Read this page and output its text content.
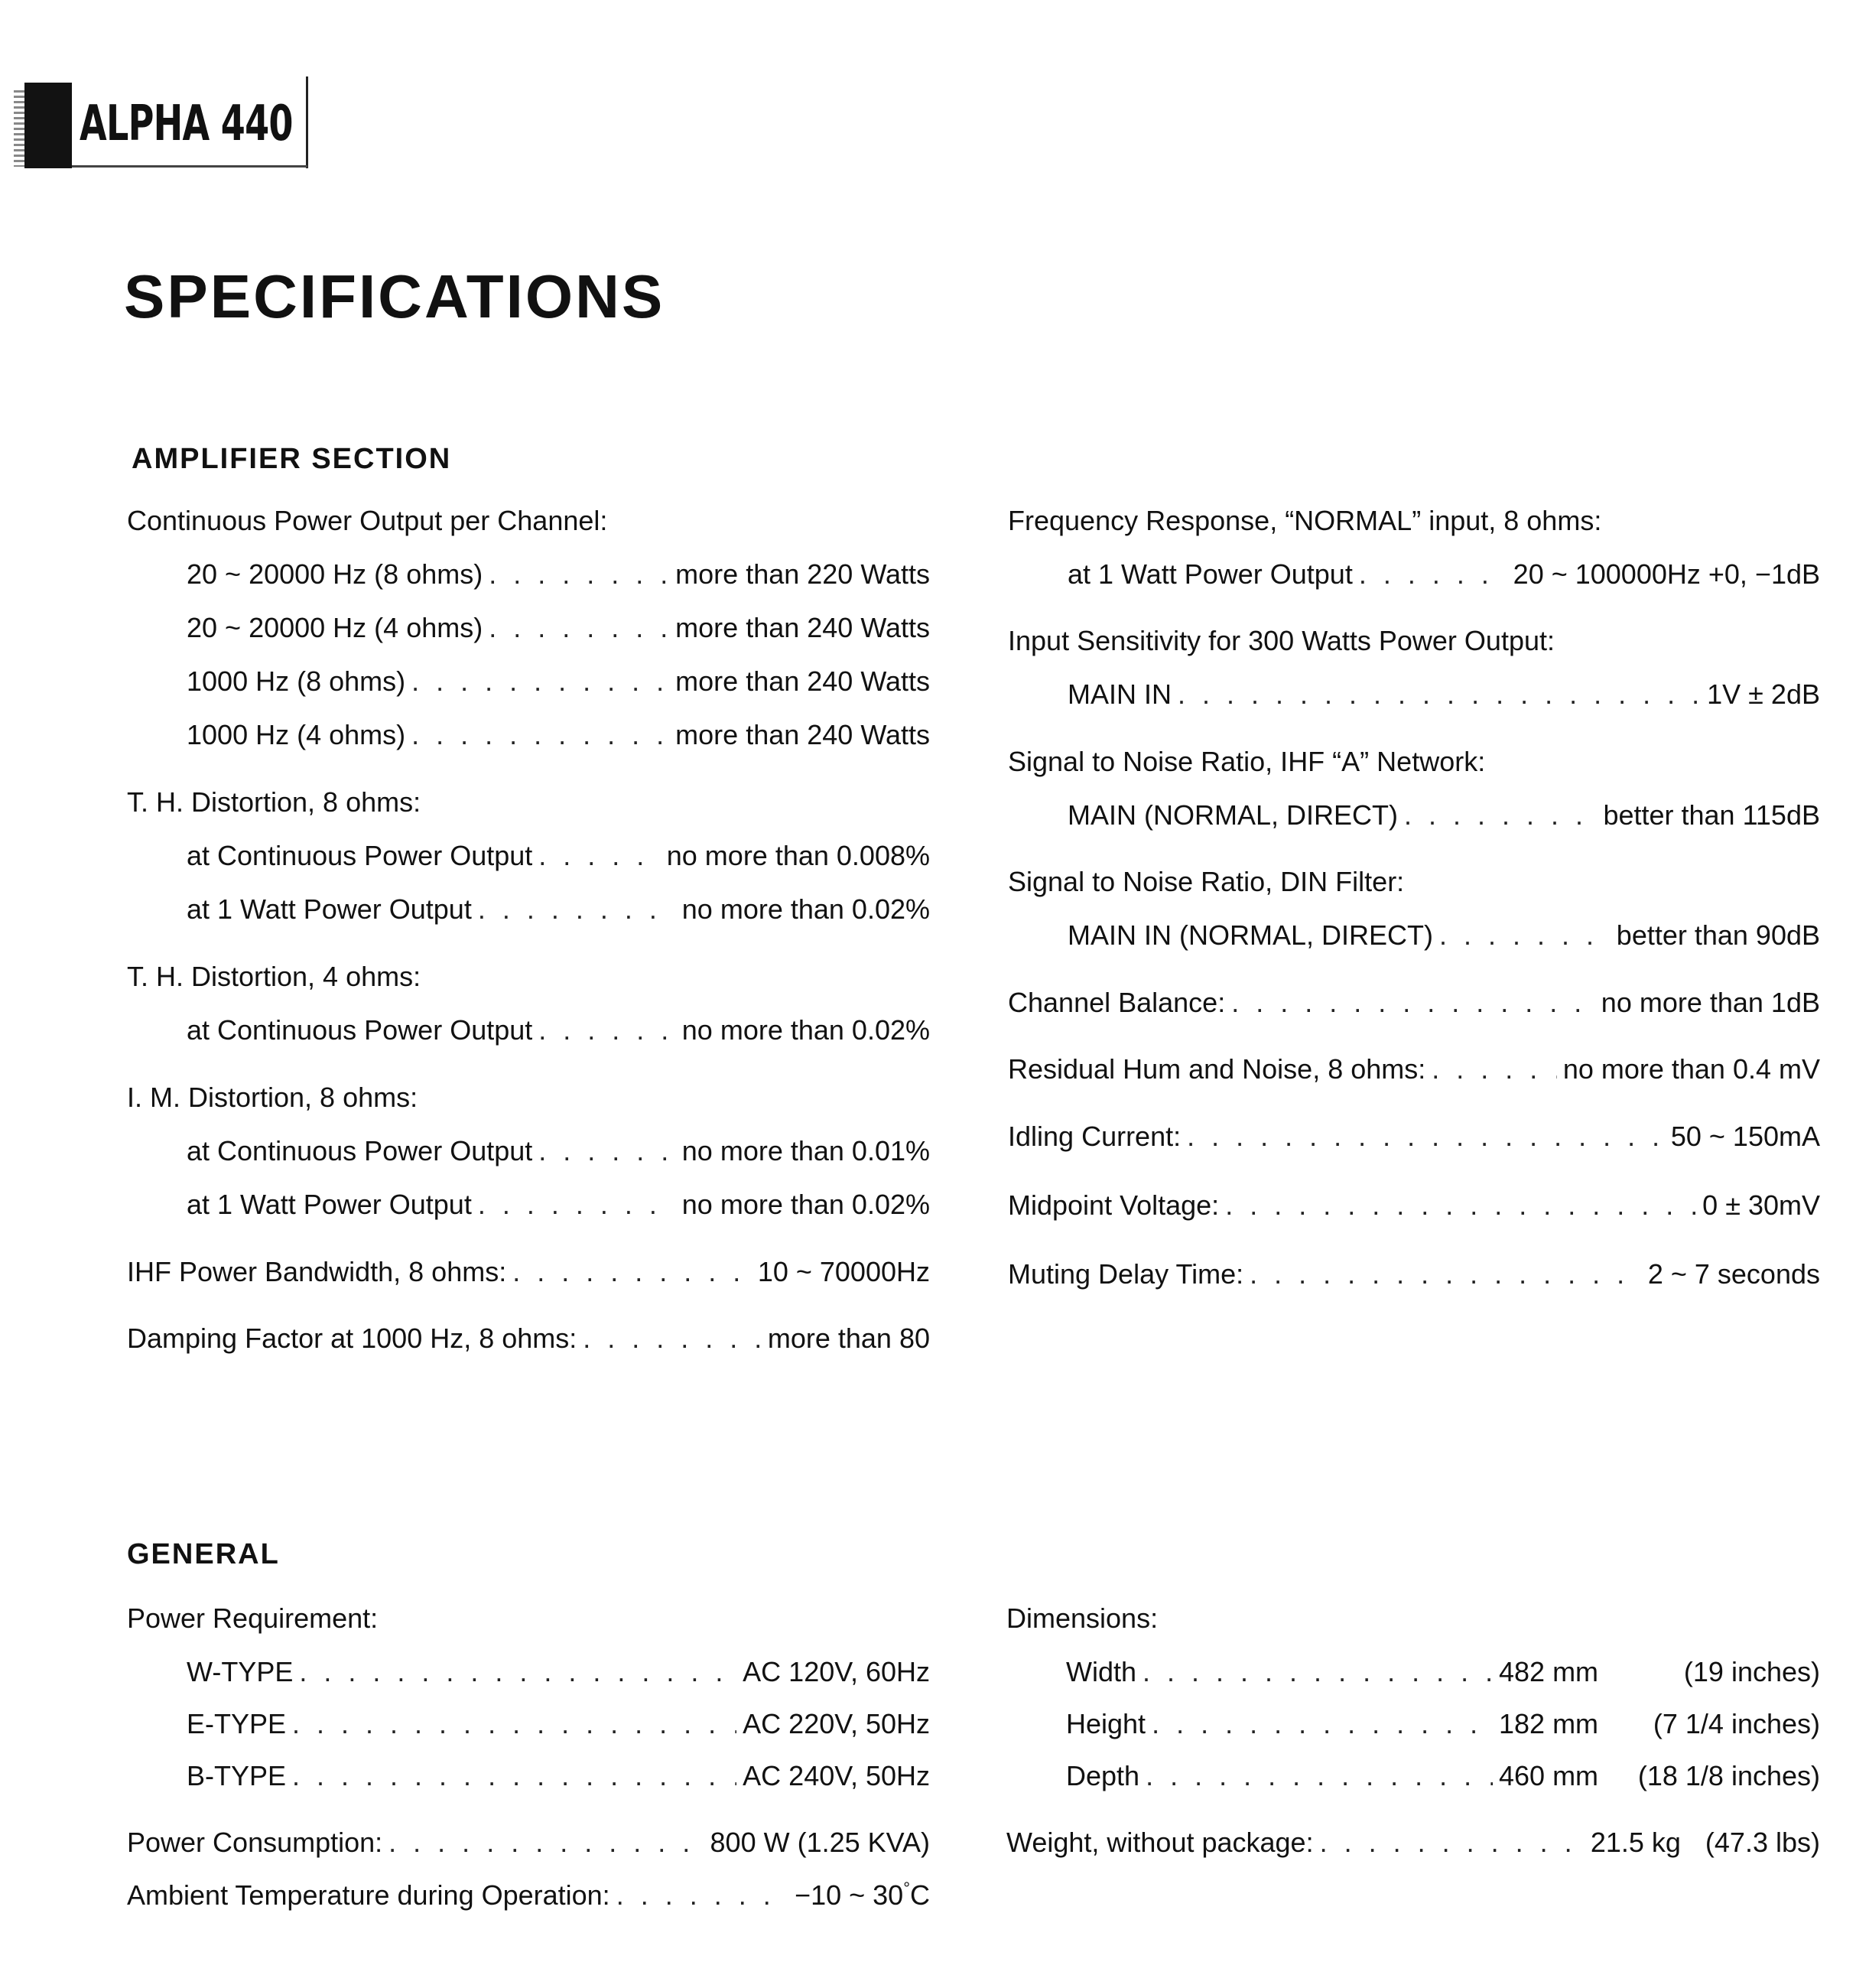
ALPHA 440
SPECIFICATIONS
AMPLIFIER SECTION
Continuous Power Output per Channel:
20 ~ 20000 Hz (8 ohms) . . .	more than 220 Watts
20 ~ 20000 Hz (4 ohms) . . .	more than 240 Watts
1000 Hz (8 ohms) . . .	more than 240 Watts
1000 Hz (4 ohms) . . .	more than 240 Watts
T. H. Distortion, 8 ohms:
at Continuous Power Output . . .	no more than 0.008%
at 1 Watt Power Output . . .	no more than 0.02%
T. H. Distortion, 4 ohms:
at Continuous Power Output . . .	no more than 0.02%
I. M. Distortion, 8 ohms:
at Continuous Power Output . . .	no more than 0.01%
at 1 Watt Power Output . . .	no more than 0.02%
IHF Power Bandwidth, 8 ohms: . . .	10 ~ 70000Hz
Damping Factor at 1000 Hz, 8 ohms: . . .	more than 80
Frequency Response, “NORMAL” input, 8 ohms:
at 1 Watt Power Output . . .	20 ~ 100000Hz +0, −1dB
Input Sensitivity for 300 Watts Power Output:
MAIN IN . . .	1V ± 2dB
Signal to Noise Ratio, IHF “A” Network:
MAIN (NORMAL, DIRECT) . . .	better than 115dB
Signal to Noise Ratio, DIN Filter:
MAIN IN (NORMAL, DIRECT) . . .	better than 90dB
Channel Balance: . . .	no more than 1dB
Residual Hum and Noise, 8 ohms: . . .	no more than 0.4 mV
Idling Current: . . .	50 ~ 150mA
Midpoint Voltage: . . .	0 ± 30mV
Muting Delay Time: . . .	2 ~ 7 seconds
GENERAL
Power Requirement:
W-TYPE . . .	AC 120V, 60Hz
E-TYPE . . .	AC 220V, 50Hz
B-TYPE . . .	AC 240V, 50Hz
Power Consumption: . . .	800 W (1.25 KVA)
Ambient Temperature during Operation: . . .	−10 ~ 30°C
Dimensions:
Width . . .	482 mm	(19 inches)
Height . . .	182 mm (7 1/4 inches)
Depth . . .	460 mm (18 1/8 inches)
Weight, without package: . . .	21.5 kg (47.3 lbs)
